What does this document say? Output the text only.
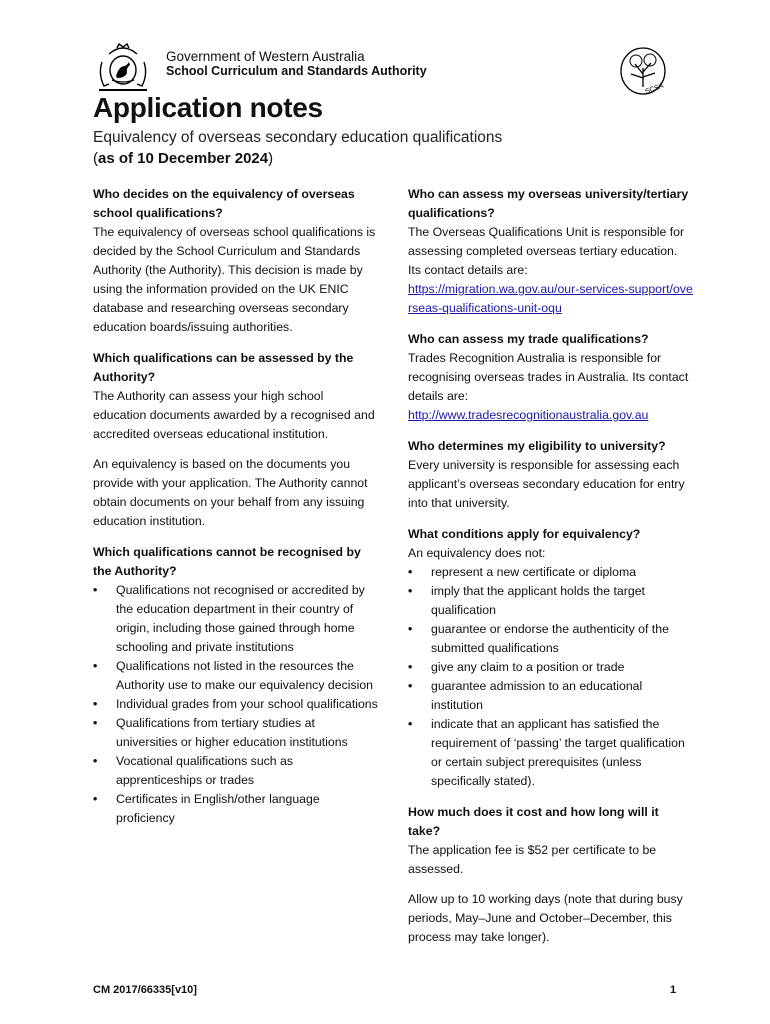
Government of Western Australia
School Curriculum and Standards Authority
SCSA
Application notes
Equivalency of overseas secondary education qualifications
(as of 10 December 2024)

Who decides on the equivalency of overseas school qualifications?

The equivalency of overseas school qualifications is decided by the School Curriculum and Standards Authority (the Authority). This decision is made by using the information provided on the UK ENIC database and researching overseas secondary education boards/issuing authorities.

Which qualifications can be assessed by the Authority?

The Authority can assess your high school education documents awarded by a recognised and accredited overseas educational institution.

An equivalency is based on the documents you provide with your application. The Authority cannot obtain documents on your behalf from any issuing education institution.

Which qualifications cannot be recognised by the Authority?

• Qualifications not recognised or accredited by the education department in their country of origin, including those gained through home schooling and private institutions
• Qualifications not listed in the resources the Authority use to make our equivalency decision
• Individual grades from your school qualifications
• Qualifications from tertiary studies at universities or higher education institutions
• Vocational qualifications such as apprenticeships or trades
• Certificates in English/other language proficiency

Who can assess my overseas university/tertiary qualifications?

The Overseas Qualifications Unit is responsible for assessing completed overseas tertiary education. Its contact details are:

https://migration.wa.gov.au/our-services-support/overseas-qualifications-unit-oqu

Who can assess my trade qualifications?

Trades Recognition Australia is responsible for recognising overseas trades in Australia. Its contact details are:

http://www.tradesrecognitionaustralia.gov.au

Who determines my eligibility to university?

Every university is responsible for assessing each applicant’s overseas secondary education for entry into that university.

What conditions apply for equivalency?

An equivalency does not:

• represent a new certificate or diploma
• imply that the applicant holds the target qualification
• guarantee or endorse the authenticity of the submitted qualifications
• give any claim to a position or trade
• guarantee admission to an educational institution
• indicate that an applicant has satisfied the requirement of ‘passing’ the target qualification or certain subject prerequisites (unless specifically stated).

How much does it cost and how long will it take?

The application fee is $52 per certificate to be assessed.

Allow up to 10 working days (note that during busy periods, May–June and October–December, this process may take longer).

CM 2017/66335[v10]	1
